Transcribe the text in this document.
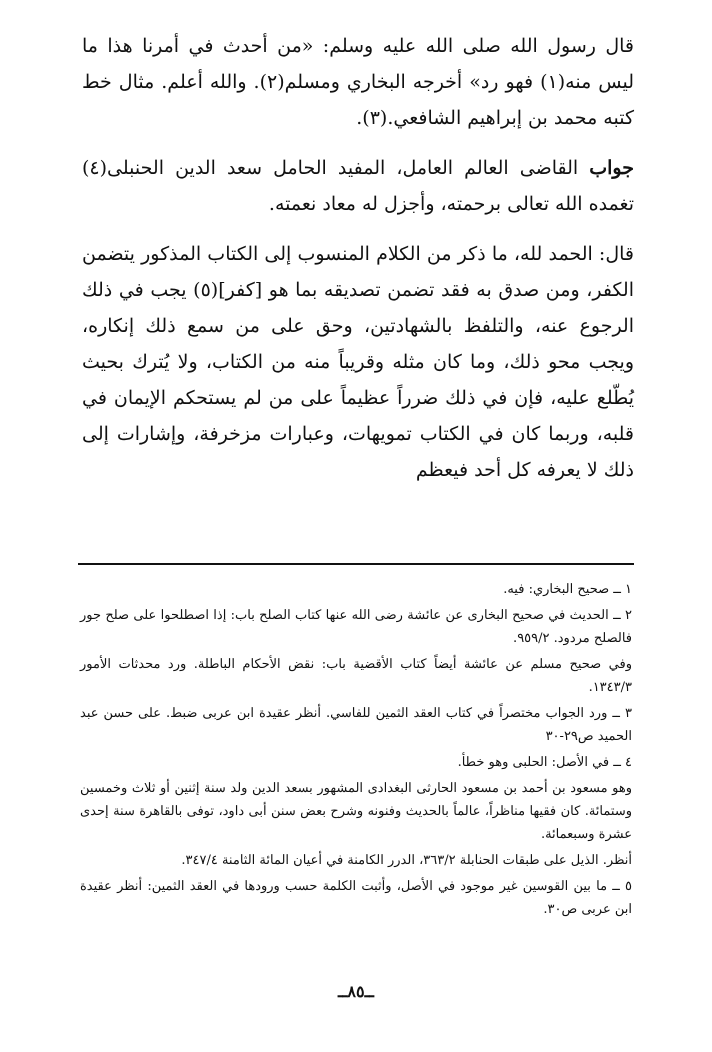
قال رسول الله صلى الله عليه وسلم: «من أحدث في أمرنا هذا ما ليس منه(١) فهو رد» أخرجه البخاري ومسلم(٢). والله أعلم. مثال خط كتبه محمد بن إبراهيم الشافعي.(٣).

جواب القاضى العالم العامل، المفيد الحامل سعد الدين الحنبلى(٤) تغمده الله تعالى برحمته، وأجزل له معاد نعمته.

قال: الحمد لله، ما ذكر من الكلام المنسوب إلى الكتاب المذكور يتضمن الكفر، ومن صدق به فقد تضمن تصديقه بما هو [كفر](٥) يجب في ذلك الرجوع عنه، والتلفظ بالشهادتين، وحق على من سمع ذلك إنكاره، ويجب محو ذلك، وما كان مثله وقريباً منه من الكتاب، ولا يُترك بحيث يُطّلع عليه، فإن في ذلك ضرراً عظيماً على من لم يستحكم الإيمان في قلبه، وربما كان في الكتاب تمويهات، وعبارات مزخرفة، وإشارات إلى ذلك لا يعرفه كل أحد فيعظم

١ ــ صحيح البخاري: فيه.

٢ ــ الحديث في صحيح البخارى عن عائشة رضى الله عنها كتاب الصلح باب: إذا اصطلحوا على صلح جور فالصلح مردود. ٩٥٩/٢.

وفي صحيح مسلم عن عائشة أيضاً كتاب الأقضية باب: نقض الأحكام الباطلة. ورد محدثات الأمور ١٣٤٣/٣.

٣ ــ ورد الجواب مختصراً في كتاب العقد الثمين للفاسي. أنظر عقيدة ابن عربى ضبط. على حسن عبد الحميد ص٢٩-٣٠

٤ ــ في الأصل: الحلبى وهو خطأ.

وهو مسعود بن أحمد بن مسعود الحارثى البغدادى المشهور بسعد الدين ولد سنة إثنين أو ثلاث وخمسين وستمائة. كان فقيها مناظراً، عالماً بالحديث وفنونه وشرح بعض سنن أبى داود، توفى بالقاهرة سنة إحدى عشرة وسبعمائة.

أنظر. الذيل على طبقات الحنابلة ٣٦٣/٢، الدرر الكامنة في أعيان المائة الثامنة ٣٤٧/٤.

٥ ــ ما بين القوسين غير موجود في الأصل، وأثبت الكلمة حسب ورودها في العقد الثمين: أنظر عقيدة ابن عربى ص٣٠.

ــ٨٥ــ
